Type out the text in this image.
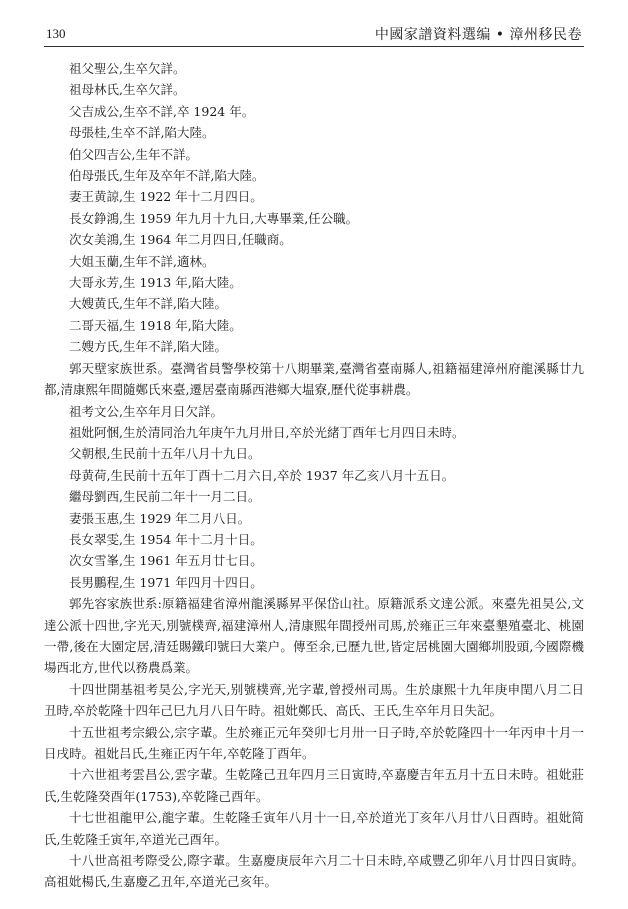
130	中國家譜資料選编 • 漳州移民卷
祖父聖公,生卒欠詳。
祖母林氏,生卒欠詳。
父吉成公,生卒不詳,卒 1924 年。
母張桂,生卒不詳,陷大陸。
伯父四吉公,生年不詳。
伯母張氏,生年及卒年不詳,陷大陸。
妻王黄諒,生 1922 年十二月四日。
長女錚鴻,生 1959 年九月十九日,大專畢業,任公職。
次女美鴻,生 1964 年二月四日,任職商。
大姐玉蘭,生年不詳,適林。
大哥永芳,生 1913 年,陷大陸。
大嫂黄氏,生年不詳,陷大陸。
二哥天福,生 1918 年,陷大陸。
二嫂方氏,生年不詳,陷大陸。
郭天壁家族世系。臺灣省員警學校第十八期畢業,臺灣省臺南縣人,祖籍福建漳州府龍溪縣廿九都,清康熙年間隨鄭氏來臺,遷居臺南縣西港鄉大塭寮,歷代從事耕農。
祖考文公,生卒年月日欠詳。
祖妣阿悃,生於清同治九年庚午九月卅日,卒於光緒丁酉年七月四日未時。
父朝根,生民前十五年八月十九日。
母黄荷,生民前十五年丁酉十二月六日,卒於 1937 年乙亥八月十五日。
繼母劉西,生民前二年十一月二日。
妻張玉惠,生 1929 年二月八日。
長女翠雯,生 1954 年十二月十日。
次女雪峯,生 1961 年五月廿七日。
長男鵬程,生 1971 年四月十四日。
郭先容家族世系:原籍福建省漳州龍溪縣昇平保岱山社。原籍派系文達公派。來臺先祖昊公,文達公派十四世,字光天,別號樸齊,福建漳州人,清康熙年間授州司馬,於雍正三年來臺墾殖臺北、桃園一帶,後在大園定居,清廷賜鐵印號曰大業户。傳至余,已歷九世,皆定居桃園大園鄉圳股頭,今國際機場西北方,世代以務農爲業。
十四世開基祖考昊公,字光天,别號樸齊,光字輩,曾授州司馬。生於康熙十九年庚申閏八月二日丑時,卒於乾隆十四年己巳九月八日午時。祖妣鄭氏、高氏、王氏,生卒年月日失記。
十五世祖考宗緞公,宗字輩。生於雍正元年癸卯七月卅一日子時,卒於乾隆四十一年丙申十月一日戌時。祖妣吕氏,生雍正丙午年,卒乾隆丁酉年。
十六世祖考雲昌公,雲字輩。生乾隆己丑年四月三日寅時,卒嘉慶吉年五月十五日未時。祖妣莊氏,生乾隆癸酉年(1753),卒乾隆己酉年。
十七世祖龍甲公,龍字輩。生乾隆壬寅年八月十一日,卒於道光丁亥年八月廿八日酉時。祖妣简氏,生乾隆壬寅年,卒道光己酉年。
十八世高祖考際受公,際字輩。生嘉慶庚辰年六月二十日未時,卒咸豐乙卯年八月廿四日寅時。高祖妣楊氏,生嘉慶乙丑年,卒道光己亥年。
